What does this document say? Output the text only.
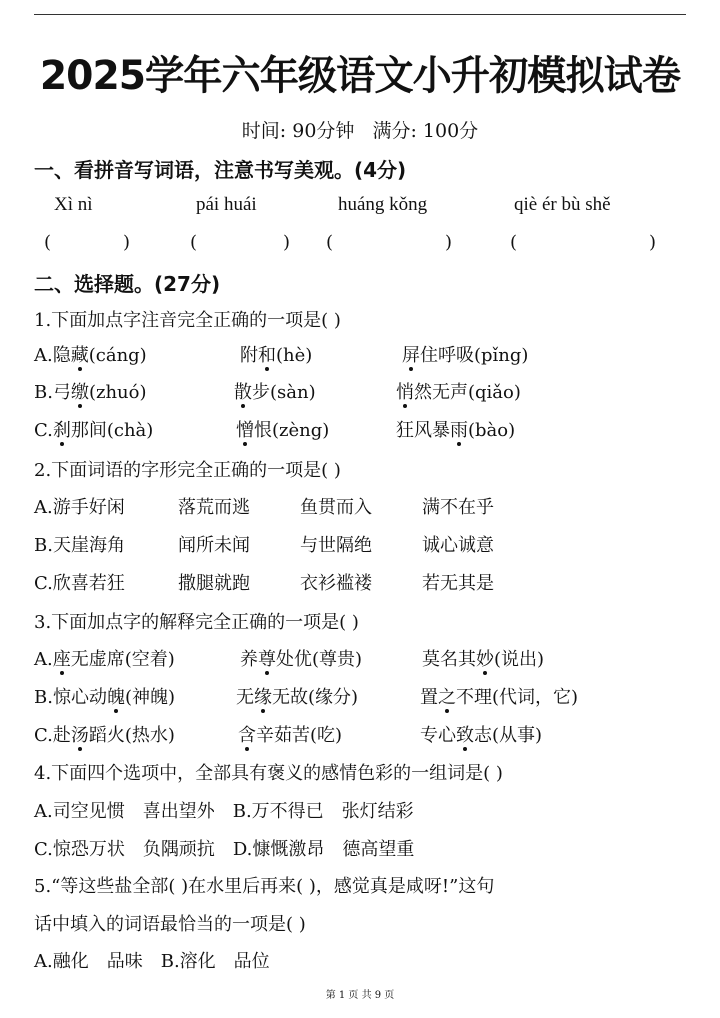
2025学年六年级语文小升初模拟试卷
时间: 90分钟 满分: 100分
一、看拼音写词语，注意书写美观。(4分)
Xì nì	pái huái	huáng kǒng	qiè ér bù shě
(	)	(	) (	)	(	)
二、选择题。(27分)
1.下面加点字注音完全正确的一项是( )
A.隐藏(cáng)	附和(hè)	屏住呼吸(pǐng)
B.弓缴(zhuó)	散步(sàn)	悄然无声(qiǎo)
C.刹那间(chà)	憎恨(zèng)	狂风暴雨(bào)
2.下面词语的字形完全正确的一项是( )
A.游手好闲	落荒而逃	鱼贯而入	满不在乎
B.天崖海角	闻所未闻	与世隔绝	诚心诚意
C.欣喜若狂	撒腿就跑	衣衫褴褛	若无其是
3.下面加点字的解释完全正确的一项是( )
A.座无虚席(空着)	养尊处优(尊贵)	莫名其妙(说出)
B.惊心动魄(神魄)	无缘无故(缘分)	置之不理(代词，它)
C.赴汤蹈火(热水)	含辛茹苦(吃)	专心致志(从事)
4.下面四个选项中，全部具有褒义的感情色彩的一组词是( )
A.司空见惯　喜出望外　B.万不得已　张灯结彩
C.惊恐万状　负隅顽抗　D.慷慨激昂　德高望重
5.“等这些盐全部( )在水里后再来( )，感觉真是咸呀!”这句
话中填入的词语最恰当的一项是( )
A.融化　品味　B.溶化　品位
第 1 页 共 9 页
